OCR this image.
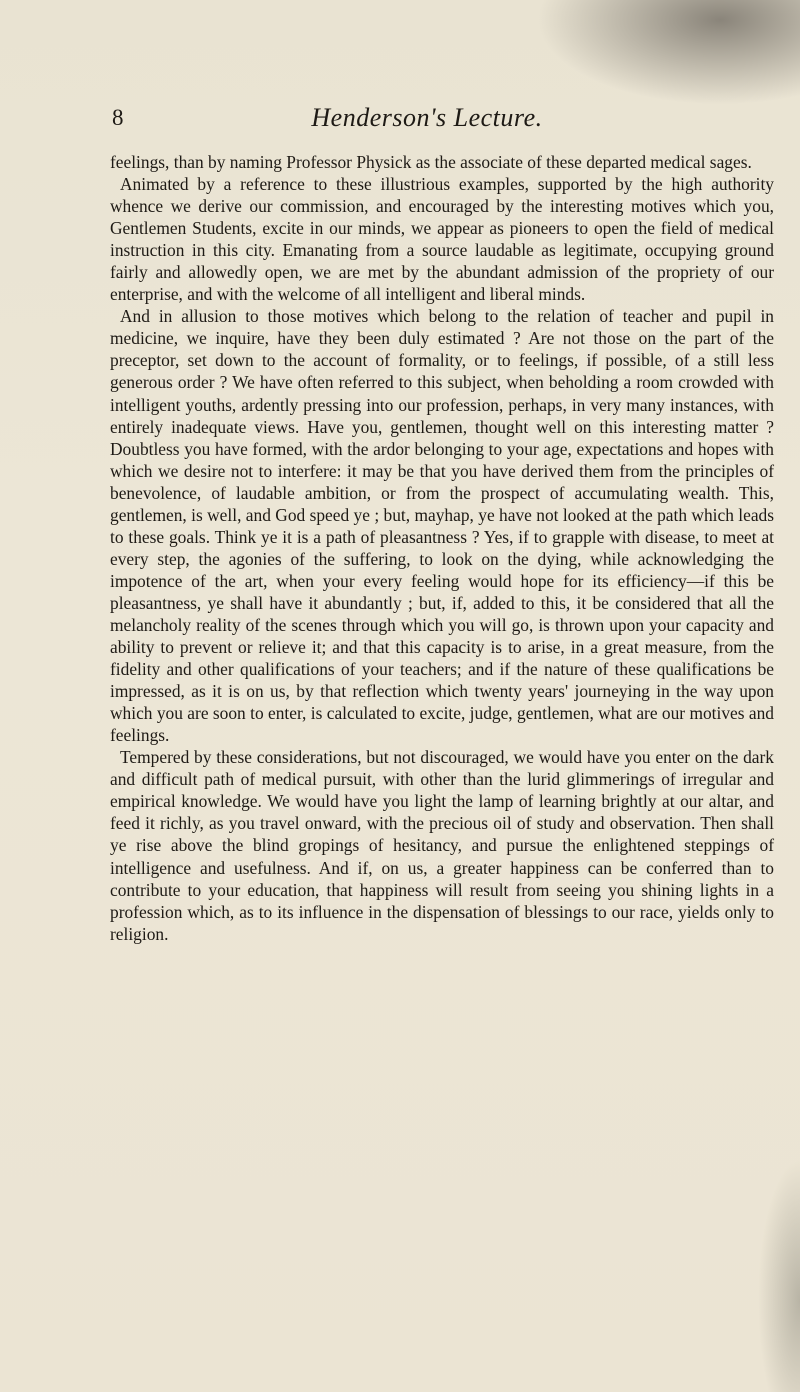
8	Henderson's Lecture.

feelings, than by naming Professor Physick as the associate of these departed medical sages.

Animated by a reference to these illustrious examples, supported by the high authority whence we derive our commission, and encouraged by the interesting motives which you, Gentlemen Students, excite in our minds, we appear as pioneers to open the field of medical instruction in this city. Emanating from a source laudable as legitimate, occupying ground fairly and allowedly open, we are met by the abundant admission of the propriety of our enterprise, and with the welcome of all intelligent and liberal minds.

And in allusion to those motives which belong to the relation of teacher and pupil in medicine, we inquire, have they been duly estimated ? Are not those on the part of the preceptor, set down to the account of formality, or to feelings, if possible, of a still less generous order ? We have often referred to this subject, when beholding a room crowded with intelligent youths, ardently pressing into our profession, perhaps, in very many instances, with entirely inadequate views. Have you, gentlemen, thought well on this interesting matter ? Doubtless you have formed, with the ardor belonging to your age, expectations and hopes with which we desire not to interfere: it may be that you have derived them from the principles of benevolence, of laudable ambition, or from the prospect of accumulating wealth. This, gentlemen, is well, and God speed ye ; but, mayhap, ye have not looked at the path which leads to these goals. Think ye it is a path of pleasantness ? Yes, if to grapple with disease, to meet at every step, the agonies of the suffering, to look on the dying, while acknowledging the impotence of the art, when your every feeling would hope for its efficiency—if this be pleasantness, ye shall have it abundantly ; but, if, added to this, it be considered that all the melancholy reality of the scenes through which you will go, is thrown upon your capacity and ability to prevent or relieve it; and that this capacity is to arise, in a great measure, from the fidelity and other qualifications of your teachers; and if the nature of these qualifications be impressed, as it is on us, by that reflection which twenty years' journeying in the way upon which you are soon to enter, is calculated to excite, judge, gentlemen, what are our motives and feelings.

Tempered by these considerations, but not discouraged, we would have you enter on the dark and difficult path of medical pursuit, with other than the lurid glimmerings of irregular and empirical knowledge. We would have you light the lamp of learning brightly at our altar, and feed it richly, as you travel onward, with the precious oil of study and observation. Then shall ye rise above the blind gropings of hesitancy, and pursue the enlightened steppings of intelligence and usefulness. And if, on us, a greater happiness can be conferred than to contribute to your education, that happiness will result from seeing you shining lights in a profession which, as to its influence in the dispensation of blessings to our race, yields only to religion.
